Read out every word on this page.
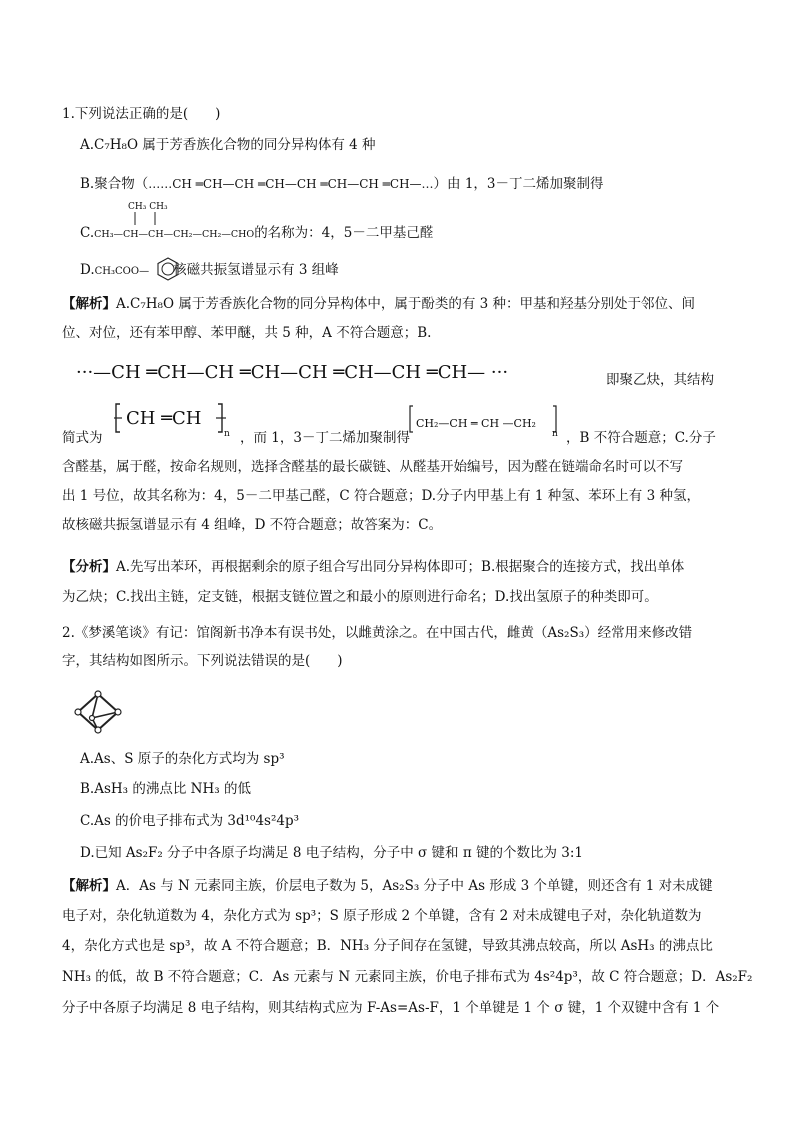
1.下列说法正确的是(　　)
A.C₇H₈O 属于芳香族化合物的同分异构体有 4 种
B.聚合物（……CH ═CH—CH ═CH—CH ═CH—CH ═CH—…）由 1，3－丁二烯加聚制得
CH₃ CH₃
C.CH₃—CH—CH—CH₂—CH₂—CHO的名称为：4，5－二甲基己醛
D.CH₃COO— 核磁共振氢谱显示有 3 组峰
【解析】A.C₇H₈O 属于芳香族化合物的同分异构体中，属于酚类的有 3 种：甲基和羟基分别处于邻位、间
位、对位，还有苯甲醇、苯甲醚，共 5 种，A 不符合题意；B.
···—CH ═CH—CH ═CH—CH ═CH—CH ═CH— ···	即聚乙炔，其结构
简式为
CH ═CH
n ，而 1，3－丁二烯加聚制得
CH₂—CH ═ CH —CH₂
n ，B 不符合题意；C.分子
含醛基，属于醛，按命名规则，选择含醛基的最长碳链、从醛基开始编号，因为醛在链端命名时可以不写
出 1 号位，故其名称为：4，5－二甲基己醛，C 符合题意；D.分子内甲基上有 1 种氢、苯环上有 3 种氢，
故核磁共振氢谱显示有 4 组峰，D 不符合题意；故答案为：C。
【分析】A.先写出苯环，再根据剩余的原子组合写出同分异构体即可；B.根据聚合的连接方式，找出单体
为乙炔；C.找出主链，定支链，根据支链位置之和最小的原则进行命名；D.找出氢原子的种类即可。
2.《梦溪笔谈》有记：馆阁新书净本有误书处，以雌黄涂之。在中国古代，雌黄（As₂S₃）经常用来修改错
字，其结构如图所示。下列说法错误的是(　　)
A.As、S 原子的杂化方式均为 sp³
B.AsH₃ 的沸点比 NH₃ 的低
C.As 的价电子排布式为 3d¹⁰4s²4p³
D.已知 As₂F₂ 分子中各原子均满足 8 电子结构，分子中 σ 键和 π 键的个数比为 3:1
【解析】A．As 与 N 元素同主族，价层电子数为 5，As₂S₃ 分子中 As 形成 3 个单键，则还含有 1 对未成键
电子对，杂化轨道数为 4，杂化方式为 sp³；S 原子形成 2 个单键，含有 2 对未成键电子对，杂化轨道数为
4，杂化方式也是 sp³，故 A 不符合题意；B．NH₃ 分子间存在氢键，导致其沸点较高，所以 AsH₃ 的沸点比
NH₃ 的低，故 B 不符合题意；C．As 元素与 N 元素同主族，价电子排布式为 4s²4p³，故 C 符合题意；D．As₂F₂
分子中各原子均满足 8 电子结构，则其结构式应为 F-As=As-F，1 个单键是 1 个 σ 键，1 个双键中含有 1 个
